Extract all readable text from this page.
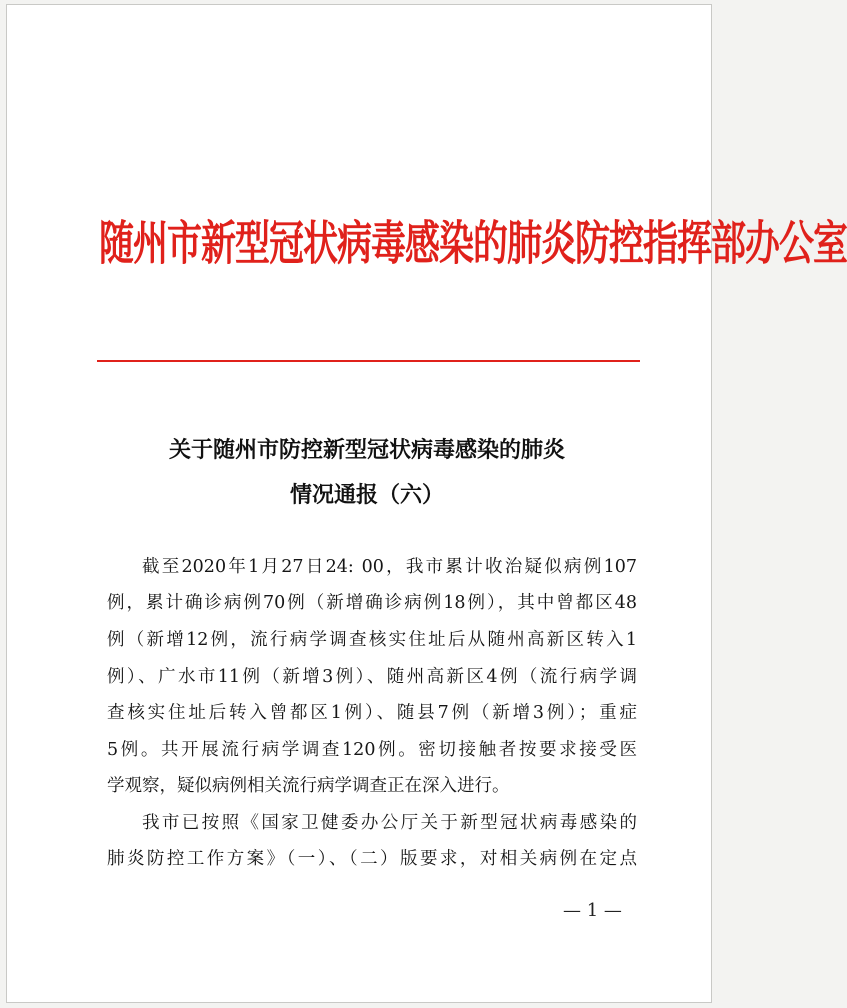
随州市新型冠状病毒感染的肺炎防控指挥部办公室
关于随州市防控新型冠状病毒感染的肺炎
情况通报（六）
截至2020年1月27日24: 00，我市累计收治疑似病例107
例，累计确诊病例70例（新增确诊病例18例），其中曾都区48
例（新增12例，流行病学调查核实住址后从随州高新区转入1
例）、广水市11例（新增3例）、随州高新区4例（流行病学调
查核实住址后转入曾都区1例）、随县7例（新增3例）；重症
5例。共开展流行病学调查120例。密切接触者按要求接受医
学观察，疑似病例相关流行病学调查正在深入进行。
我市已按照《国家卫健委办公厅关于新型冠状病毒感染的
肺炎防控工作方案》（一）、（二）版要求，对相关病例在定点
— 1 —
